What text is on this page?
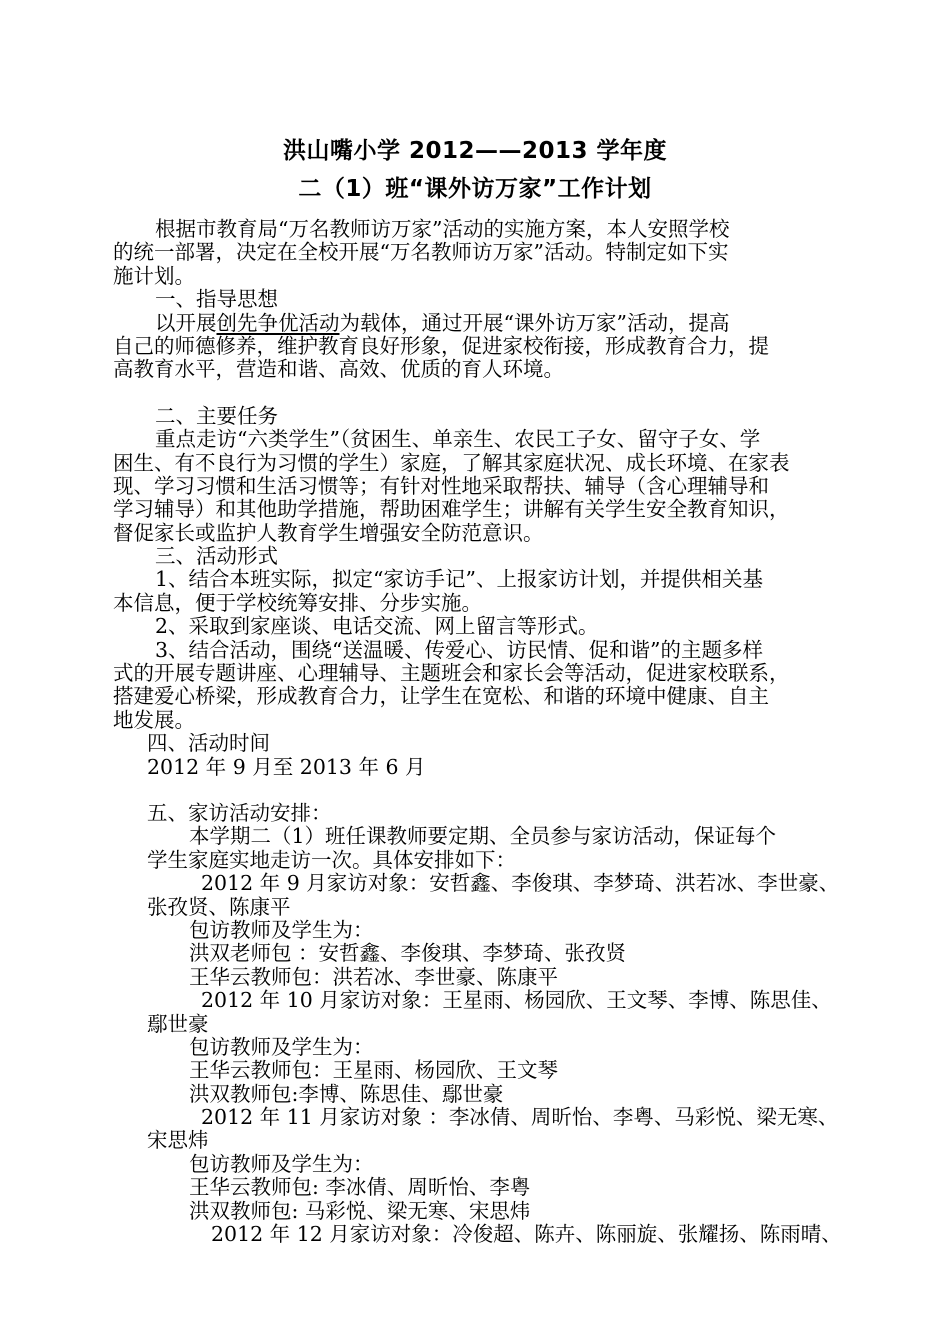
洪山嘴小学 2012——2013 学年度
二（1）班“课外访万家”工作计划
根据市教育局“万名教师访万家”活动的实施方案，本人安照学校
的统一部署，决定在全校开展“万名教师访万家”活动。特制定如下实
施计划。
一、指导思想
以开展创先争优活动为载体，通过开展“课外访万家”活动，提高
自己的师德修养，维护教育良好形象，促进家校衔接，形成教育合力，提
高教育水平，营造和谐、高效、优质的育人环境。
二、主要任务
重点走访“六类学生”（贫困生、单亲生、农民工子女、留守子女、学
困生、有不良行为习惯的学生）家庭，了解其家庭状况、成长环境、在家表
现、学习习惯和生活习惯等；有针对性地采取帮扶、辅导（含心理辅导和
学习辅导）和其他助学措施，帮助困难学生；讲解有关学生安全教育知识，
督促家长或监护人教育学生增强安全防范意识。
三、活动形式
1、结合本班实际，拟定“家访手记”、上报家访计划，并提供相关基
本信息，便于学校统筹安排、分步实施。
2、采取到家座谈、电话交流、网上留言等形式。
3、结合活动，围绕“送温暖、传爱心、访民情、促和谐”的主题多样
式的开展专题讲座、心理辅导、主题班会和家长会等活动，促进家校联系，
搭建爱心桥梁，形成教育合力，让学生在宽松、和谐的环境中健康、自主
地发展。
四、活动时间
2012 年 9 月至 2013 年 6 月
五、家访活动安排：
本学期二（1）班任课教师要定期、全员参与家访活动，保证每个
学生家庭实地走访一次。具体安排如下：
2012 年 9 月家访对象：安哲鑫、李俊琪、李梦琦、洪若冰、李世豪、
张孜贤、陈康平
包访教师及学生为：
洪双老师包 ：安哲鑫、李俊琪、李梦琦、张孜贤
王华云教师包：洪若冰、李世豪、陈康平
2012 年 10 月家访对象：王星雨、杨园欣、王文琴、李博、陈思佳、
鄢世豪
包访教师及学生为：
王华云教师包：王星雨、杨园欣、王文琴
洪双教师包:李博、陈思佳、鄢世豪
2012 年 11 月家访对象 ：李冰倩、周昕怡、李粤、马彩悦、梁无寒、
宋思炜
包访教师及学生为：
王华云教师包: 李冰倩、周昕怡、李粤
洪双教师包: 马彩悦、梁无寒、宋思炜
2012 年 12 月家访对象：冷俊超、陈卉、陈丽旋、张耀扬、陈雨晴、
